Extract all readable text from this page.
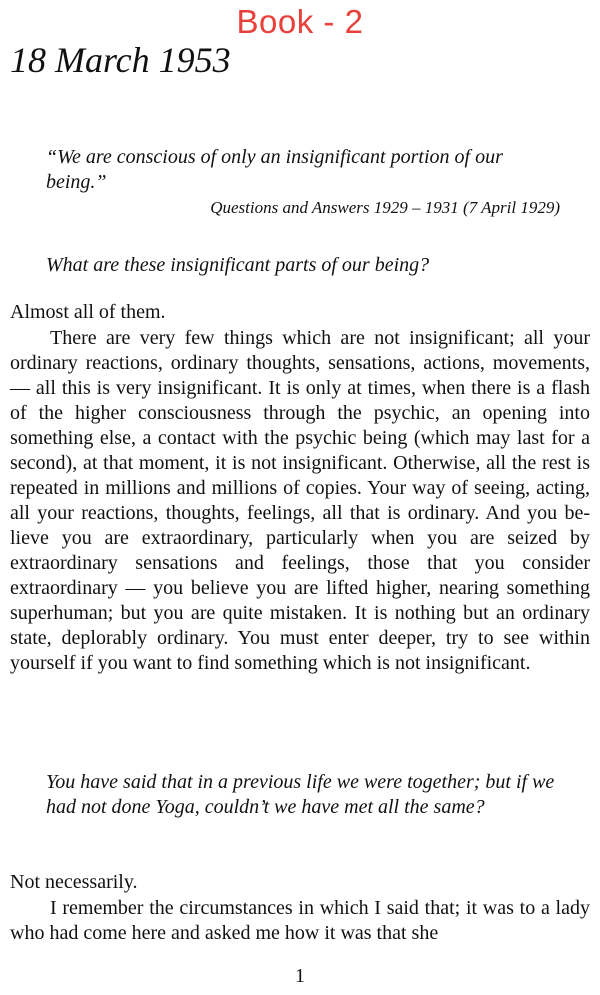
Book - 2
18 March 1953
“We are conscious of only an insignificant portion of our being.”
Questions and Answers 1929 – 1931 (7 April 1929)
What are these insignificant parts of our being?

Almost all of them.

There are very few things which are not insignificant; all your ordinary reactions, ordinary thoughts, sensations, actions, movements, — all this is very insignificant. It is only at times, when there is a flash of the higher consciousness through the psychic, an opening into something else, a contact with the psychic being (which may last for a second), at that moment, it is not insignificant. Otherwise, all the rest is repeated in millions and millions of copies. Your way of seeing, acting, all your reactions, thoughts, feelings, all that is ordinary. And you believe you are extraordinary, particularly when you are seized by extraordinary sensations and feelings, those that you consider extraordinary — you believe you are lifted higher, nearing something superhuman; but you are quite mistaken. It is nothing but an ordinary state, deplorably ordinary. You must enter deeper, try to see within yourself if you want to find something which is not insignificant.

You have said that in a previous life we were together; but if we had not done Yoga, couldn’t we have met all the same?

Not necessarily.

I remember the circumstances in which I said that; it was to a lady who had come here and asked me how it was that she

1
